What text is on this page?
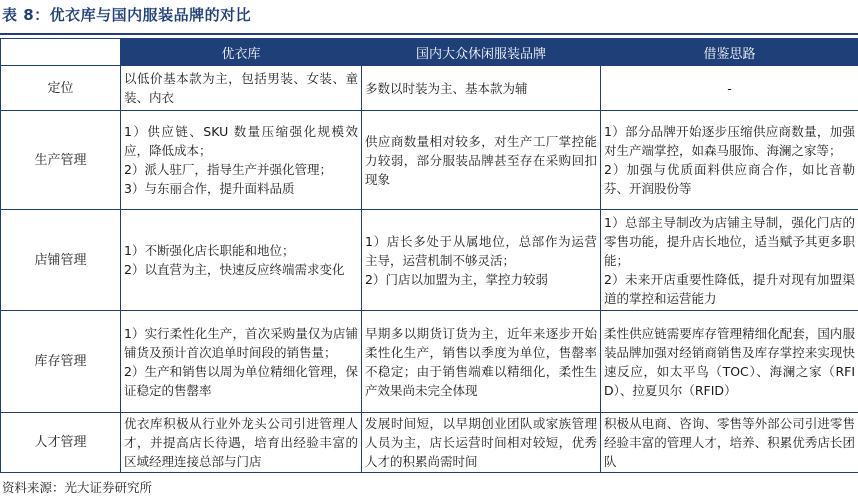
表 8：优衣库与国内服装品牌的对比
	优衣库	国内大众休闲服装品牌	借鉴思路
定位	以低价基本款为主，包括男装、女装、童装、内衣	多数以时装为主、基本款为辅	-

生产管理	1）供应链、SKU 数量压缩强化规模效应，降低成本；
2）派人驻厂，指导生产并强化管理；
3）与东丽合作，提升面料品质	供应商数量相对较多，对生产工厂掌控能力较弱，部分服装品牌甚至存在采购回扣现象	1）部分品牌开始逐步压缩供应商数量，加强对生产端掌控，如森马服饰、海澜之家等；
2）加强与优质面料供应商合作，如比音勒芬、开润股份等

店铺管理	1）不断强化店长职能和地位；
2）以直营为主，快速反应终端需求变化	1）店长多处于从属地位，总部作为运营主导，运营机制不够灵活；
2）门店以加盟为主，掌控力较弱	1）总部主导制改为店铺主导制，强化门店的零售功能，提升店长地位，适当赋予其更多职能；
2）未来开店重要性降低，提升对现有加盟渠道的掌控和运营能力

库存管理	1）实行柔性化生产，首次采购量仅为店铺铺货及预计首次追单时间段的销售量；
2）生产和销售以周为单位精细化管理，保证稳定的售罄率	早期多以期货订货为主，近年来逐步开始柔性化生产，销售以季度为单位，售罄率不稳定；由于销售端难以精细化，柔性生产效果尚未完全体现	柔性供应链需要库存管理精细化配套，国内服装品牌加强对经销商销售及库存掌控来实现快速反应，如太平鸟（TOC）、海澜之家（RFID）、拉夏贝尔（RFID）

人才管理	优衣库积极从行业外龙头公司引进管理人才，并提高店长待遇，培育出经验丰富的区域经理连接总部与门店	发展时间短，以早期创业团队或家族管理人员为主，店长运营时间相对较短，优秀人才的积累尚需时间	积极从电商、咨询、零售等外部公司引进零售经验丰富的管理人才，培养、积累优秀店长团队
资料来源：光大证券研究所
